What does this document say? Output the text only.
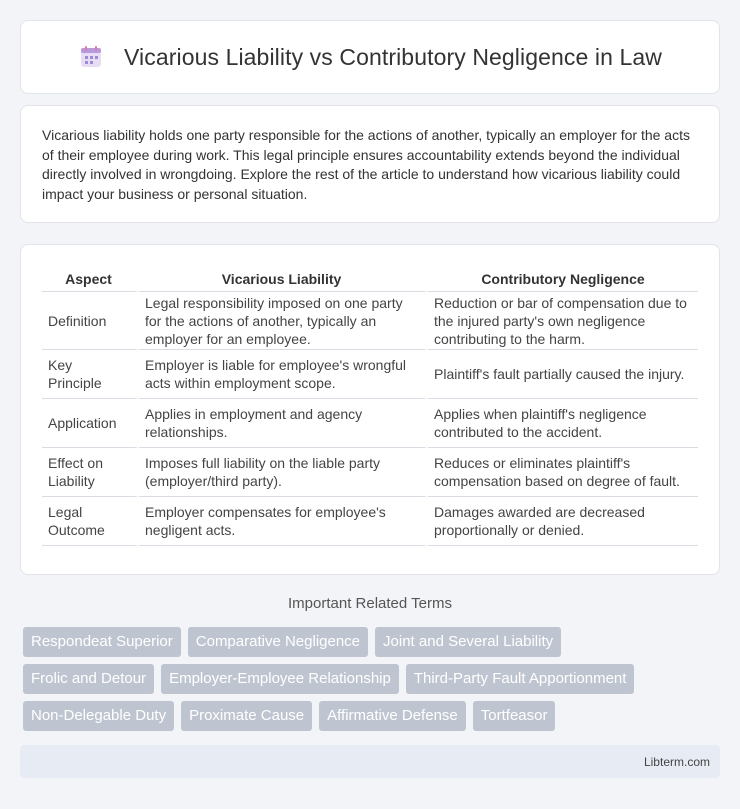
Vicarious Liability vs Contributory Negligence in Law

Vicarious liability holds one party responsible for the actions of another, typically an employer for the acts of their employee during work. This legal principle ensures accountability extends beyond the individual directly involved in wrongdoing. Explore the rest of the article to understand how vicarious liability could impact your business or personal situation.

Aspect	Vicarious Liability	Contributory Negligence
Definition	Legal responsibility imposed on one party for the actions of another, typically an employer for an employee.	Reduction or bar of compensation due to the injured party's own negligence contributing to the harm.
Key Principle	Employer is liable for employee's wrongful acts within employment scope.	Plaintiff's fault partially caused the injury.
Application	Applies in employment and agency relationships.	Applies when plaintiff's negligence contributed to the accident.
Effect on Liability	Imposes full liability on the liable party (employer/third party).	Reduces or eliminates plaintiff's compensation based on degree of fault.
Legal Outcome	Employer compensates for employee's negligent acts.	Damages awarded are decreased proportionally or denied.
Important Related Terms
Respondeat Superior	Comparative Negligence	Joint and Several Liability
Frolic and Detour	Employer-Employee Relationship	Third-Party Fault Apportionment
Non-Delegable Duty	Proximate Cause	Affirmative Defense	Tortfeasor
Libterm.com
